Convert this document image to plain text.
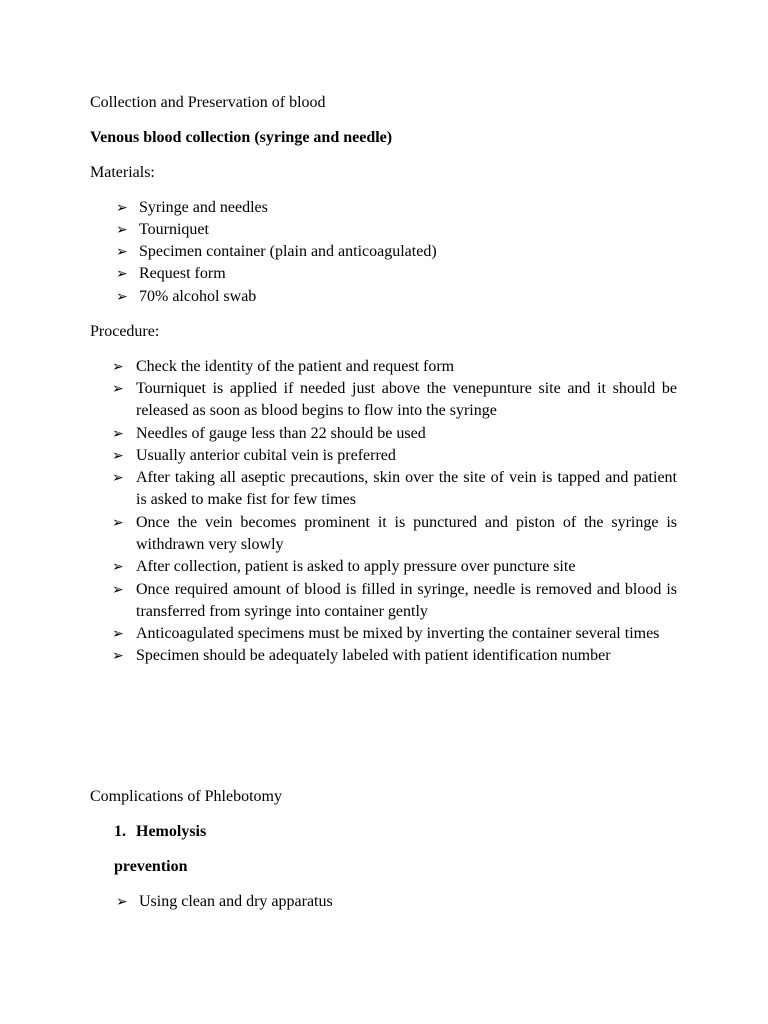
Collection and Preservation of blood
Venous blood collection (syringe and needle)
Materials:
➢ Syringe and needles
➢ Tourniquet
➢ Specimen container (plain and anticoagulated)
➢ Request form
➢ 70% alcohol swab
Procedure:
➢ Check the identity of the patient and request form
➢ Tourniquet is applied if needed just above the venepunture site and it should be
released as soon as blood begins to flow into the syringe
➢ Needles of gauge less than 22 should be used
➢ Usually anterior cubital vein is preferred
➢ After taking all aseptic precautions, skin over the site of vein is tapped and patient
is asked to make fist for few times
➢ Once the vein becomes prominent it is punctured and piston of the syringe is
withdrawn very slowly
➢ After collection, patient is asked to apply pressure over puncture site
➢ Once required amount of blood is filled in syringe, needle is removed and blood is
transferred from syringe into container gently
➢ Anticoagulated specimens must be mixed by inverting the container several times
➢ Specimen should be adequately labeled with patient identification number
Complications of Phlebotomy
1. Hemolysis
prevention
➢ Using clean and dry apparatus
